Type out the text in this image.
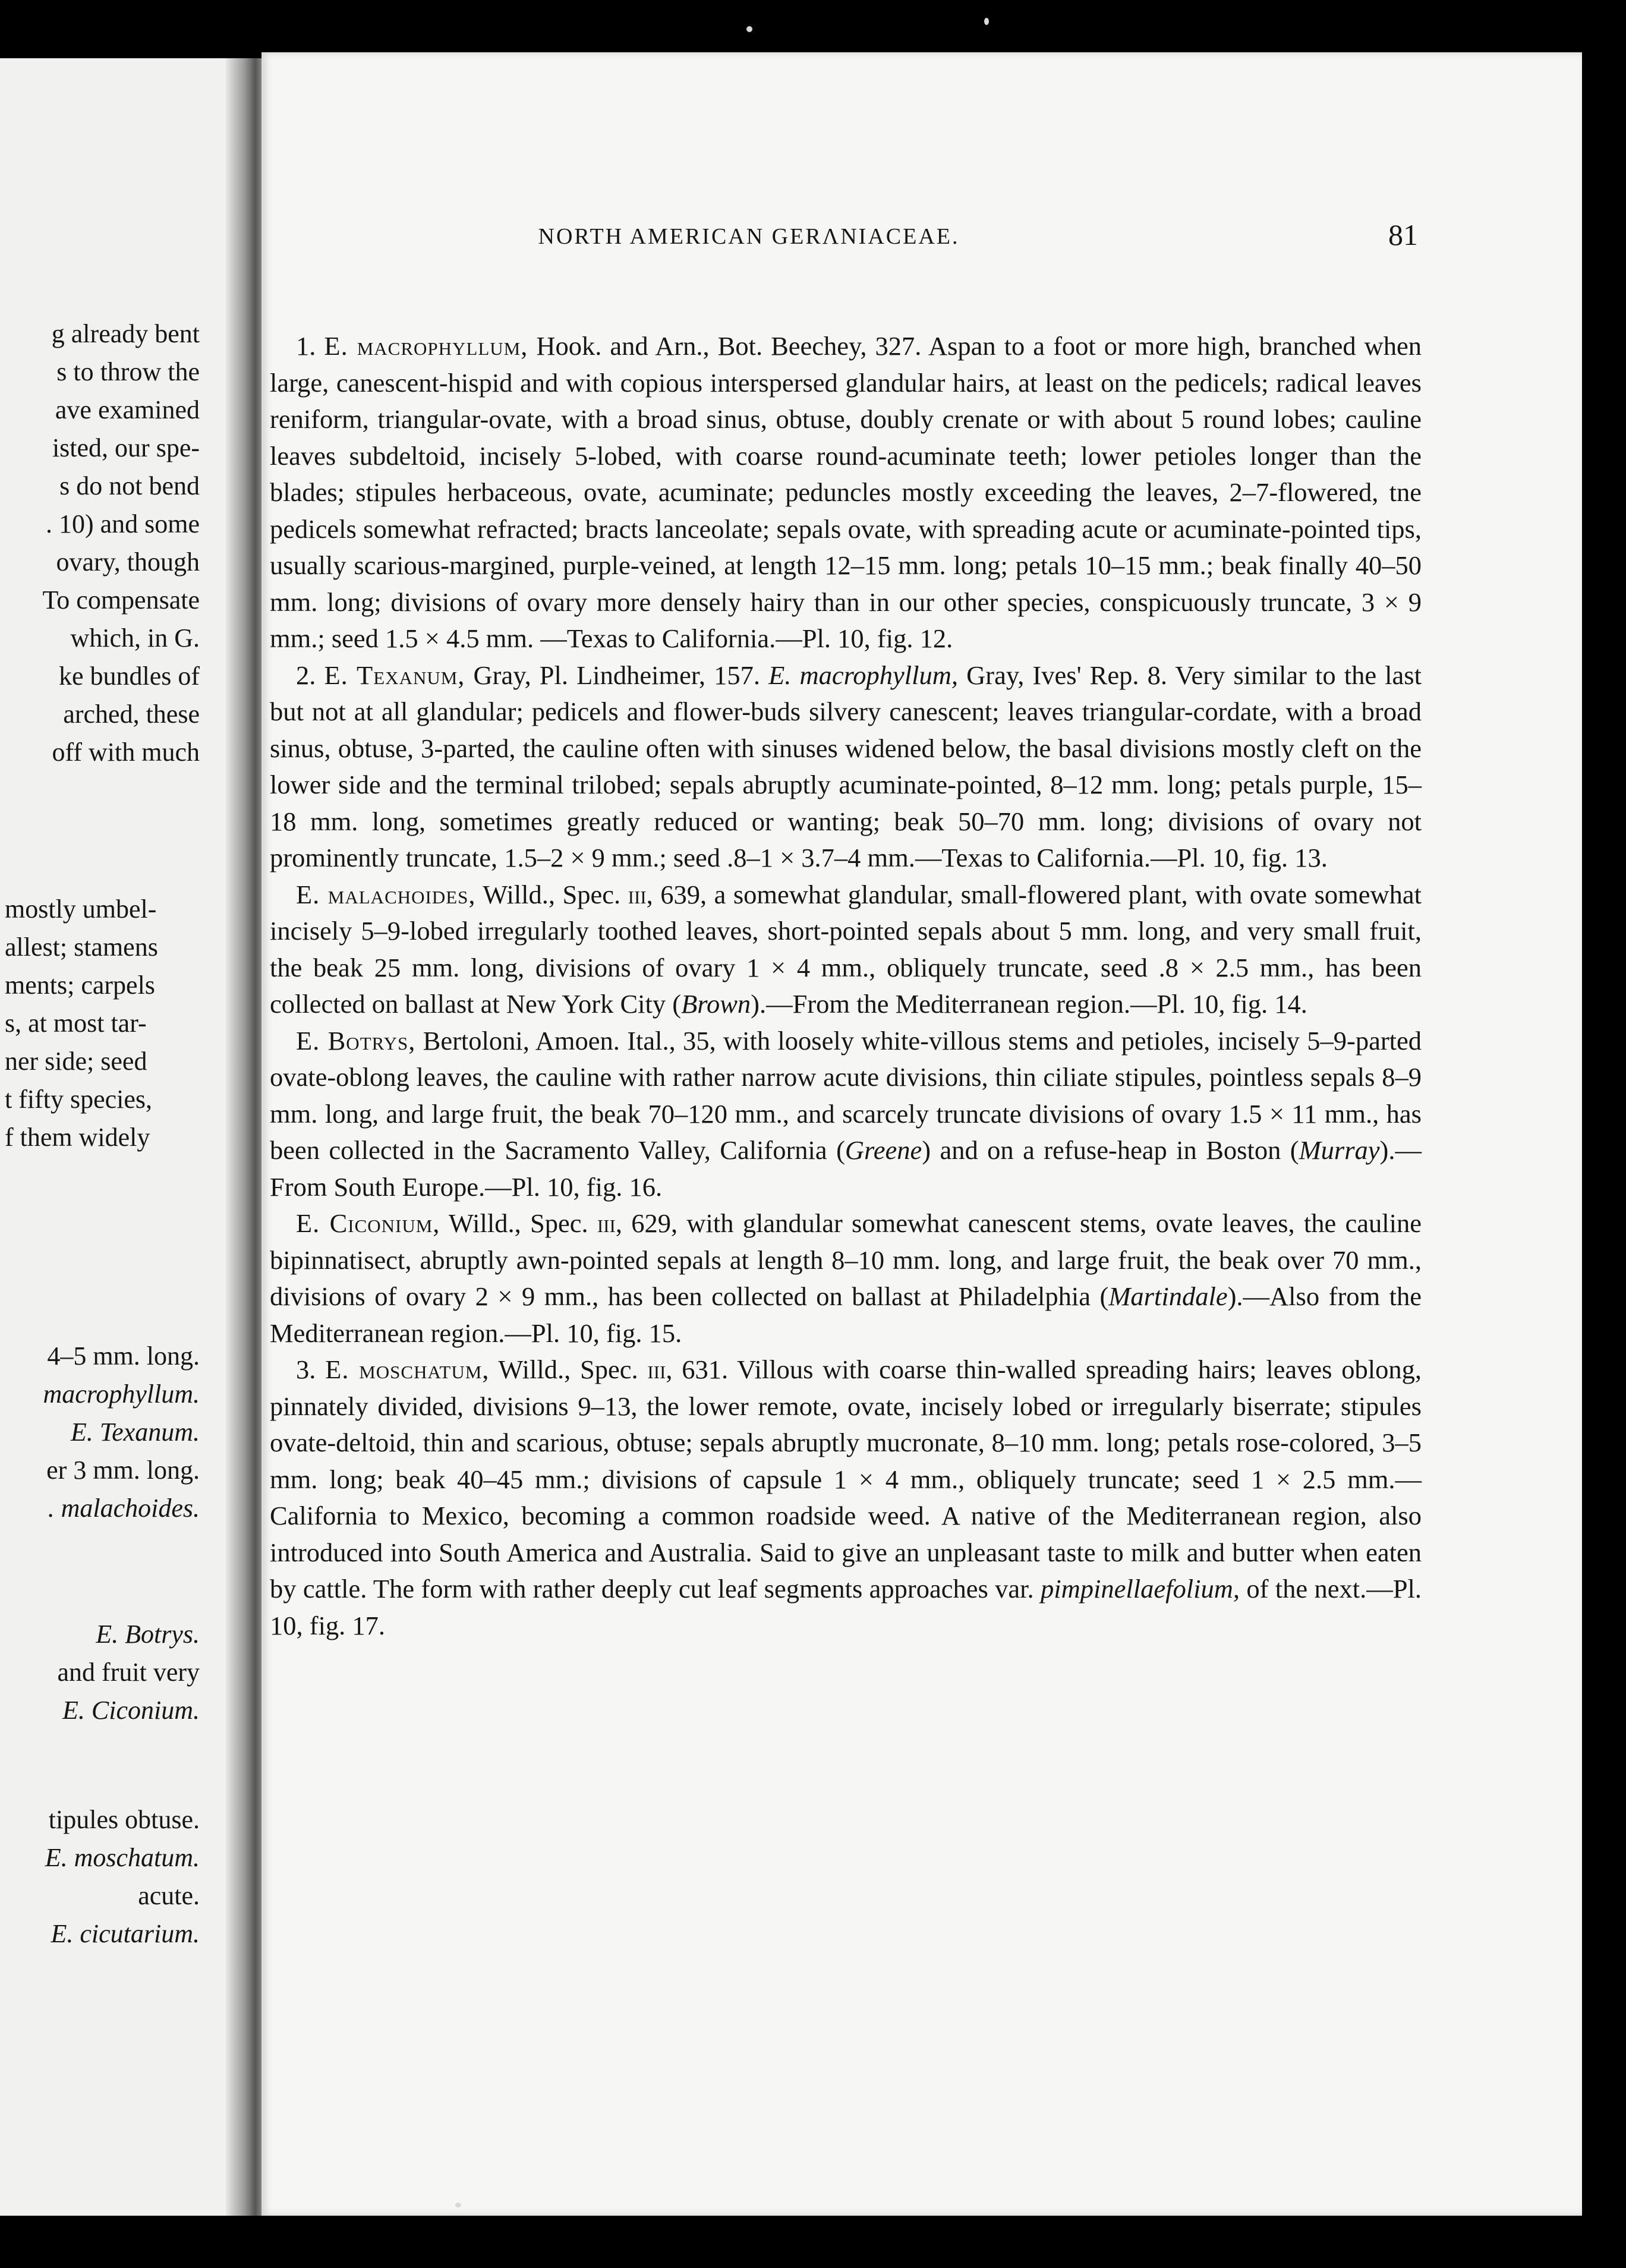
g already bent
s to throw the
ave examined
isted, our spe-
s do not bend
. 10) and some
ovary, though
To compensate
which, in G.
ke bundles of
arched, these
off with much
mostly umbel-
allest; stamens
ments; carpels
s, at most tar-
ner side; seed
t fifty species,
f them widely
4–5 mm. long.
macrophyllum.
E. Texanum.
er 3 mm. long.
. malachoides.
E. Botrys.
and fruit very
E. Ciconium.
tipules obtuse.
E. moschatum.
acute.
E. cicutarium.
NORTH AMERICAN GERΛNIACEAE.	81

1. E. macrophyllum, Hook. and Arn., Bot. Beechey, 327. Aspan to a foot or more high, branched when large, canescent-hispid and with copious interspersed glandular hairs, at least on the pedicels; radical leaves reniform, triangular-ovate, with a broad sinus, obtuse, doubly crenate or with about 5 round lobes; cauline leaves subdeltoid, incisely 5-lobed, with coarse round-acuminate teeth; lower petioles longer than the blades; stipules herbaceous, ovate, acuminate; peduncles mostly exceeding the leaves, 2–7-flowered, tne pedicels somewhat refracted; bracts lanceolate; sepals ovate, with spreading acute or acuminate-pointed tips, usually scarious-margined, purple-veined, at length 12–15 mm. long; petals 10–15 mm.; beak finally 40–50 mm. long; divisions of ovary more densely hairy than in our other species, conspicuously truncate, 3 × 9 mm.; seed 1.5 × 4.5 mm. —Texas to California.—Pl. 10, fig. 12.

2. E. Texanum, Gray, Pl. Lindheimer, 157. E. macrophyllum, Gray, Ives' Rep. 8. Very similar to the last but not at all glandular; pedicels and flower-buds silvery canescent; leaves triangular-cordate, with a broad sinus, obtuse, 3-parted, the cauline often with sinuses widened below, the basal divisions mostly cleft on the lower side and the terminal trilobed; sepals abruptly acuminate-pointed, 8–12 mm. long; petals purple, 15–18 mm. long, sometimes greatly reduced or wanting; beak 50–70 mm. long; divisions of ovary not prominently truncate, 1.5–2 × 9 mm.; seed .8–1 × 3.7–4 mm.—Texas to California.—Pl. 10, fig. 13.

E. malachoides, Willd., Spec. iii, 639, a somewhat glandular, small-flowered plant, with ovate somewhat incisely 5–9-lobed irregularly toothed leaves, short-pointed sepals about 5 mm. long, and very small fruit, the beak 25 mm. long, divisions of ovary 1 × 4 mm., obliquely truncate, seed .8 × 2.5 mm., has been collected on ballast at New York City (Brown).—From the Mediterranean region.—Pl. 10, fig. 14.

E. Botrys, Bertoloni, Amoen. Ital., 35, with loosely white-villous stems and petioles, incisely 5–9-parted ovate-oblong leaves, the cauline with rather narrow acute divisions, thin ciliate stipules, pointless sepals 8–9 mm. long, and large fruit, the beak 70–120 mm., and scarcely truncate divisions of ovary 1.5 × 11 mm., has been collected in the Sacramento Valley, California (Greene) and on a refuse-heap in Boston (Murray).—From South Europe.—Pl. 10, fig. 16.

E. Ciconium, Willd., Spec. iii, 629, with glandular somewhat canescent stems, ovate leaves, the cauline bipinnatisect, abruptly awn-pointed sepals at length 8–10 mm. long, and large fruit, the beak over 70 mm., divisions of ovary 2 × 9 mm., has been collected on ballast at Philadelphia (Martindale).—Also from the Mediterranean region.—Pl. 10, fig. 15.

3. E. moschatum, Willd., Spec. iii, 631. Villous with coarse thin-walled spreading hairs; leaves oblong, pinnately divided, divisions 9–13, the lower remote, ovate, incisely lobed or irregularly biserrate; stipules ovate-deltoid, thin and scarious, obtuse; sepals abruptly mucronate, 8–10 mm. long; petals rose-colored, 3–5 mm. long; beak 40–45 mm.; divisions of capsule 1 × 4 mm., obliquely truncate; seed 1 × 2.5 mm.—California to Mexico, becoming a common roadside weed. A native of the Mediterranean region, also introduced into South America and Australia. Said to give an unpleasant taste to milk and butter when eaten by cattle. The form with rather deeply cut leaf segments approaches var. pimpinellaefolium, of the next.—Pl. 10, fig. 17.
